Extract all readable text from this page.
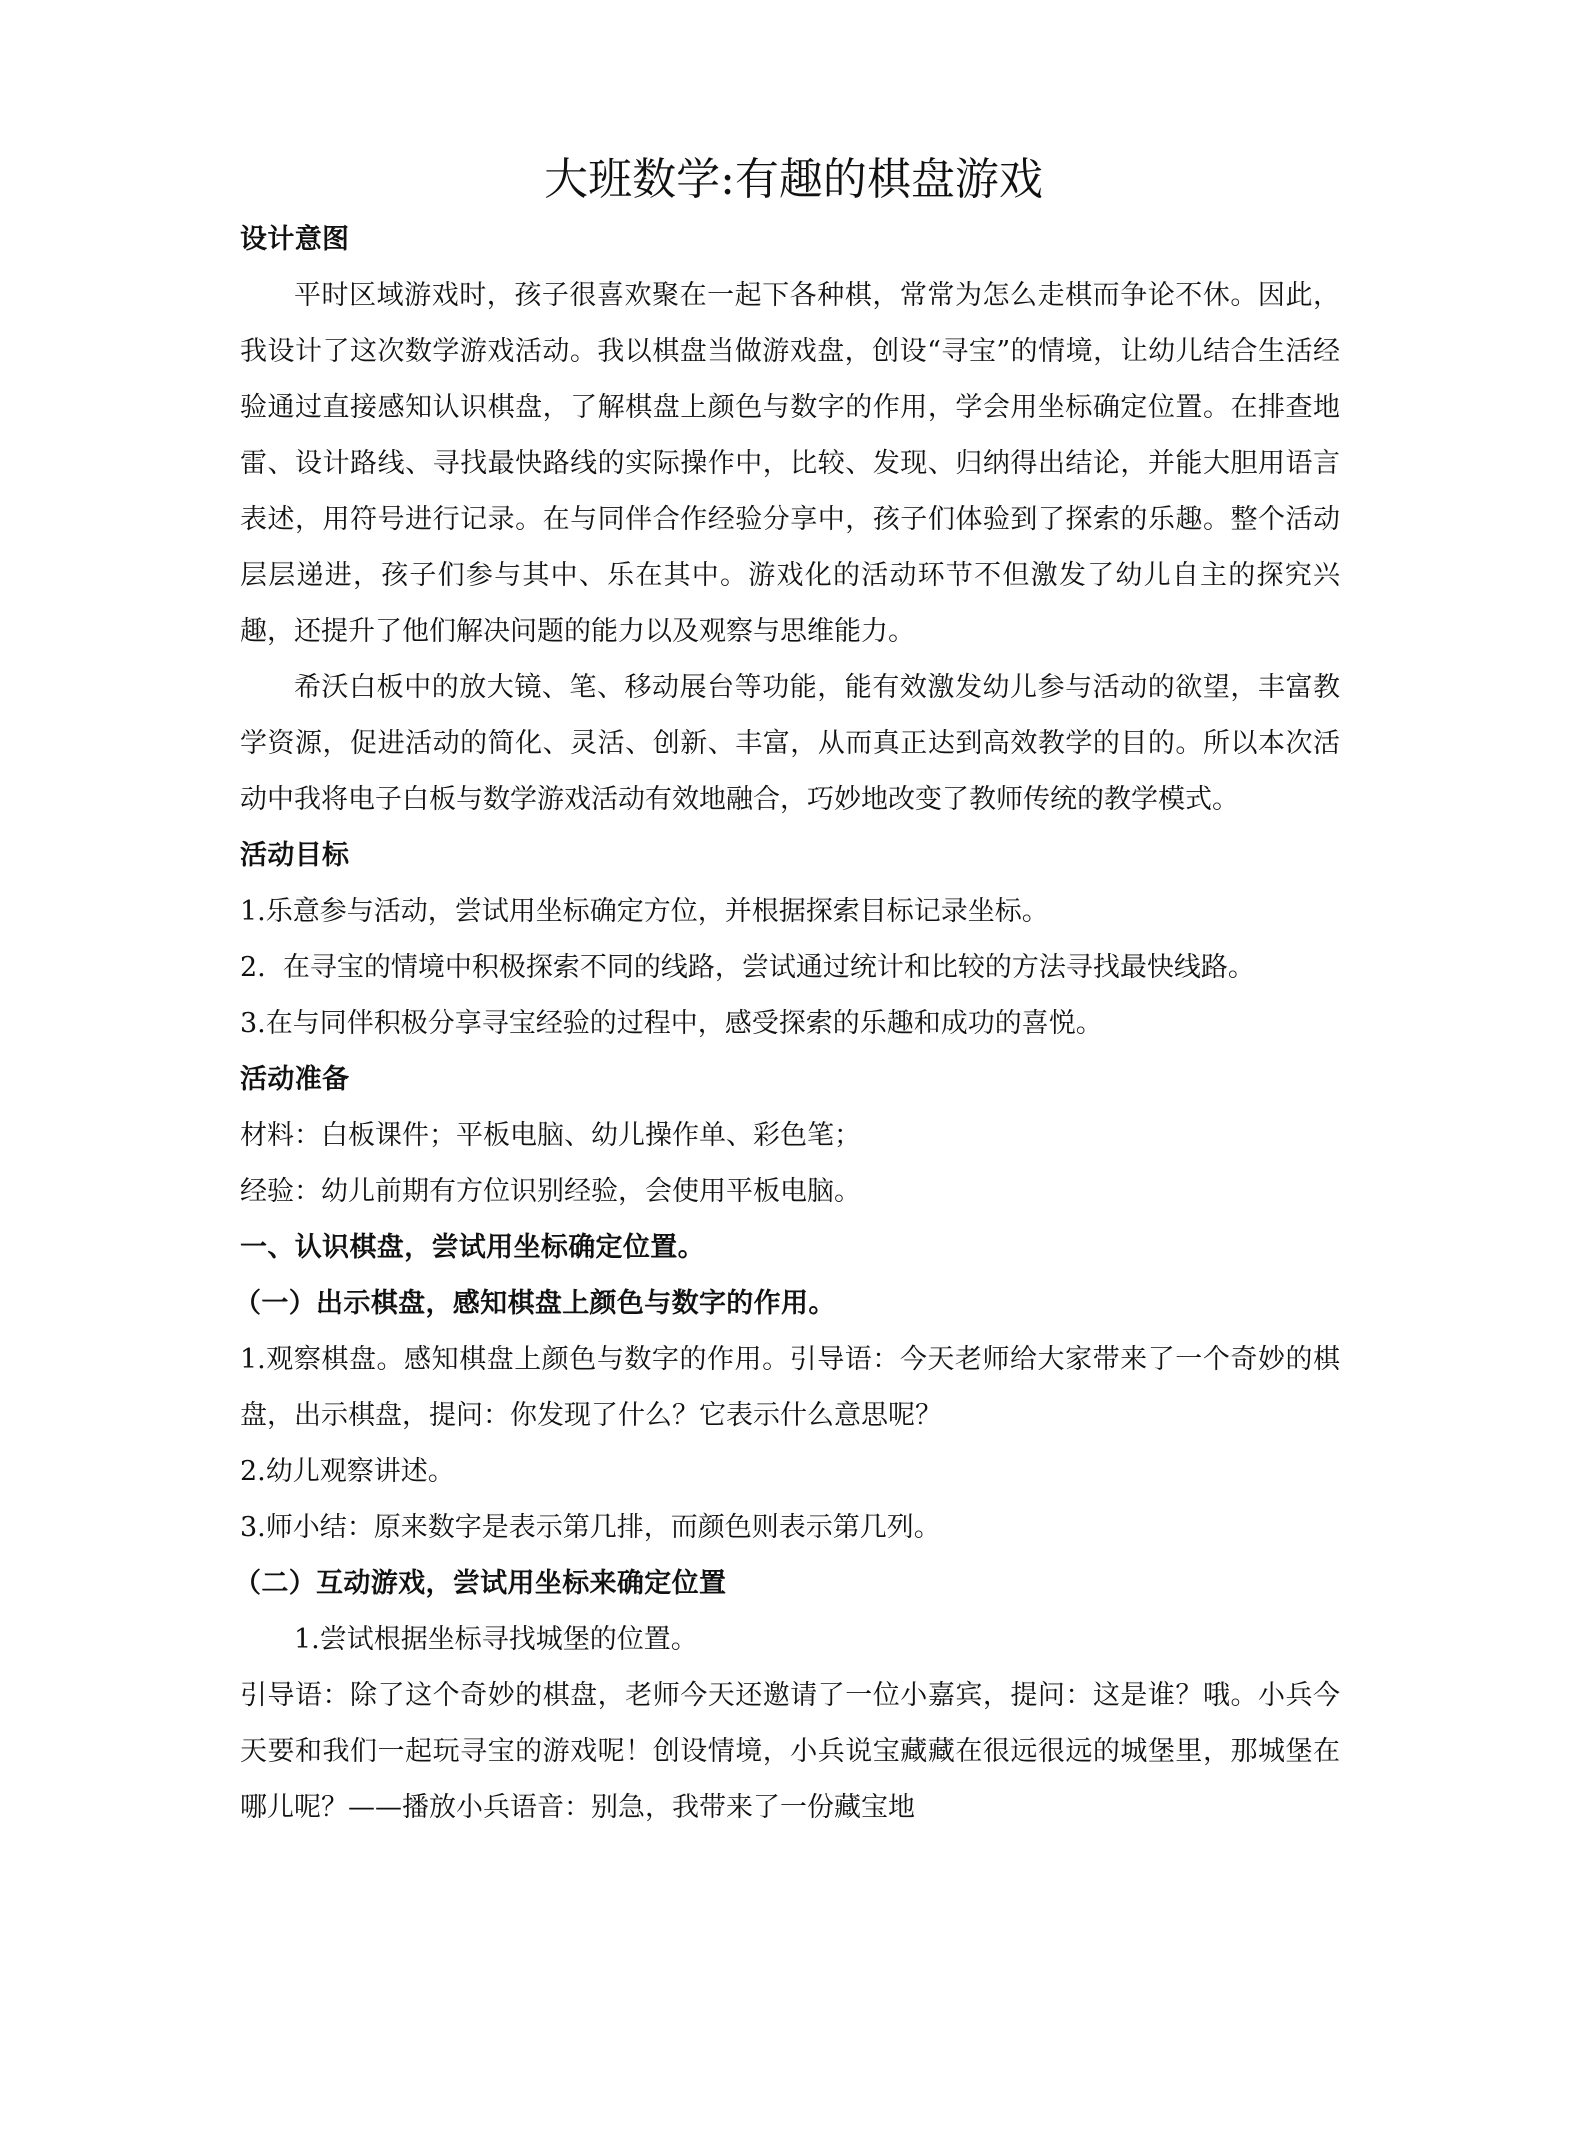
大班数学:有趣的棋盘游戏

设计意图

平时区域游戏时，孩子很喜欢聚在一起下各种棋，常常为怎么走棋而争论不休。因此，我设计了这次数学游戏活动。我以棋盘当做游戏盘，创设“寻宝”的情境，让幼儿结合生活经验通过直接感知认识棋盘，了解棋盘上颜色与数字的作用，学会用坐标确定位置。在排查地雷、设计路线、寻找最快路线的实际操作中，比较、发现、归纳得出结论，并能大胆用语言表述，用符号进行记录。在与同伴合作经验分享中，孩子们体验到了探索的乐趣。整个活动层层递进，孩子们参与其中、乐在其中。游戏化的活动环节不但激发了幼儿自主的探究兴趣，还提升了他们解决问题的能力以及观察与思维能力。

希沃白板中的放大镜、笔、移动展台等功能，能有效激发幼儿参与活动的欲望，丰富教学资源，促进活动的简化、灵活、创新、丰富，从而真正达到高效教学的目的。所以本次活动中我将电子白板与数学游戏活动有效地融合，巧妙地改变了教师传统的教学模式。

活动目标

1.乐意参与活动，尝试用坐标确定方位，并根据探索目标记录坐标。

2.  在寻宝的情境中积极探索不同的线路，尝试通过统计和比较的方法寻找最快线路。

3.在与同伴积极分享寻宝经验的过程中，感受探索的乐趣和成功的喜悦。

活动准备

材料：白板课件；平板电脑、幼儿操作单、彩色笔；

经验：幼儿前期有方位识别经验，会使用平板电脑。

一、认识棋盘，尝试用坐标确定位置。

（一）出示棋盘，感知棋盘上颜色与数字的作用。

1.观察棋盘。感知棋盘上颜色与数字的作用。引导语：今天老师给大家带来了一个奇妙的棋盘，出示棋盘，提问：你发现了什么？它表示什么意思呢？

2.幼儿观察讲述。

3.师小结：原来数字是表示第几排，而颜色则表示第几列。

（二）互动游戏，尝试用坐标来确定位置

1.尝试根据坐标寻找城堡的位置。

引导语：除了这个奇妙的棋盘，老师今天还邀请了一位小嘉宾，提问：这是谁？哦。小兵今天要和我们一起玩寻宝的游戏呢！创设情境，小兵说宝藏藏在很远很远的城堡里，那城堡在哪儿呢？——播放小兵语音：别急，我带来了一份藏宝地
